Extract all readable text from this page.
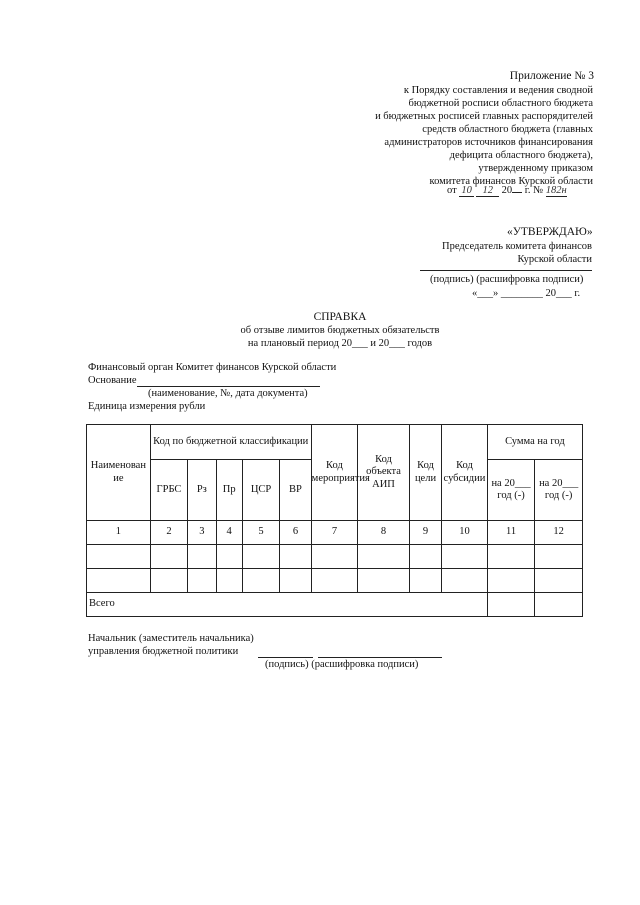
Приложение № 3
к Порядку составления и ведения сводной
бюджетной росписи областного бюджета
и бюджетных росписей главных распорядителей
средств областного бюджета (главных
администраторов источников финансирования
дефицита областного бюджета),
утвержденному приказом
комитета финансов Курской области
от 10 12 20 г. № 182н
«УТВЕРЖДАЮ»
Председатель комитета финансов
Курской области
(подпись) (расшифровка подписи)
«___» ________ 20___ г.
СПРАВКА
об отзыве лимитов бюджетных обязательств
на плановый период 20___ и 20___ годов
Финансовый орган Комитет финансов Курской области
Основание
(наименование, №, дата документа)
Единица измерения рубли
Наименован ие	Код по бюджетной классификации					Код мероприятия	Код объекта АИП	Код цели	Код субсидии	Сумма на год	
	ГРБС	Рз	Пр	ЦСР	ВР					на 20___ год (-)	на 20___ год (-)
1	2	3	4	5	6	7	8	9	10	11	12

Всего											
Начальник (заместитель начальника)
управления бюджетной политики
(подпись) (расшифровка подписи)
